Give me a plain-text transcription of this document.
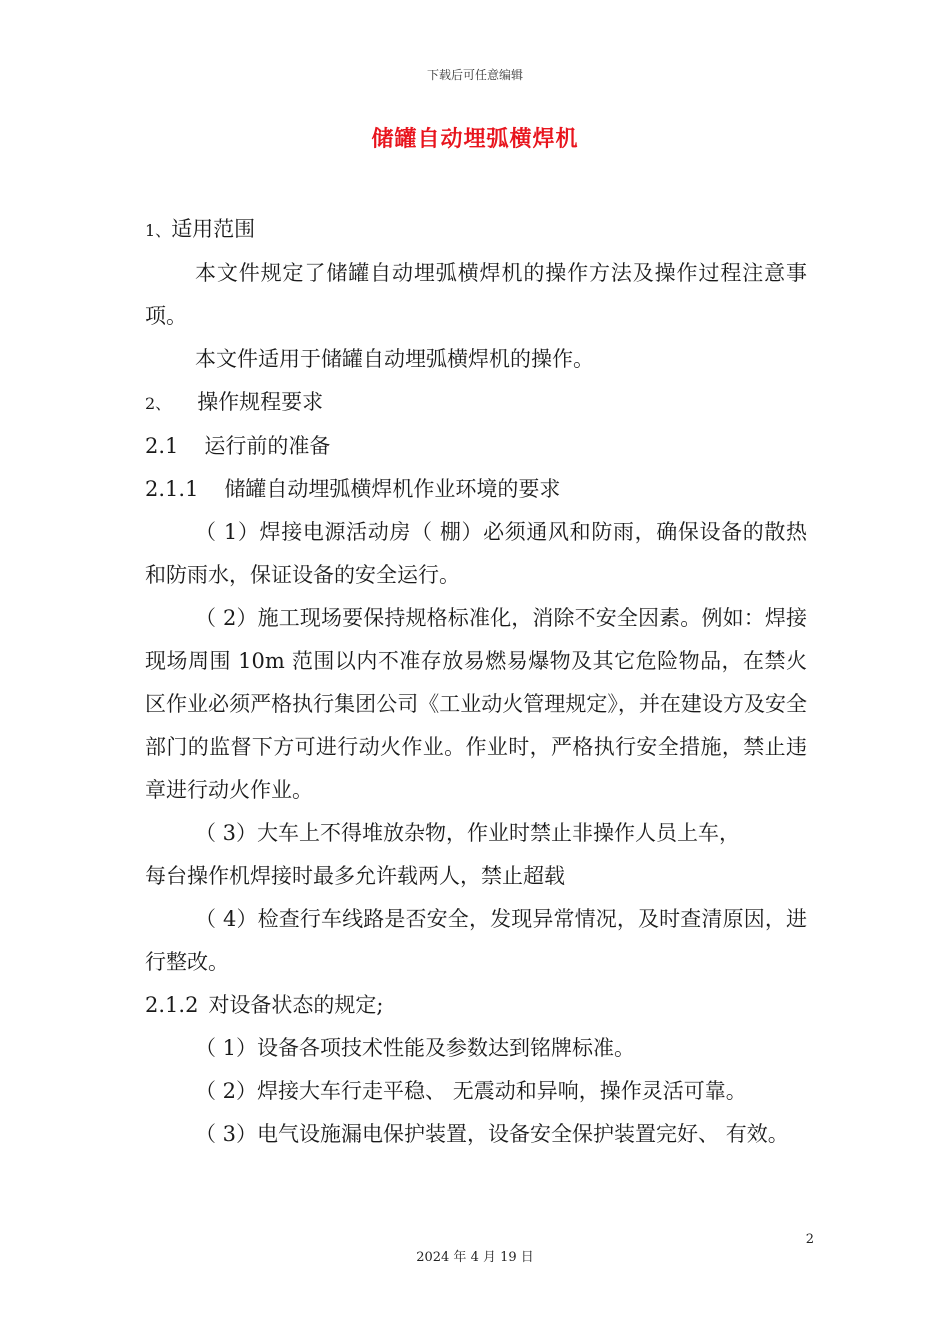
下载后可任意编辑
储罐自动埋弧横焊机

1、适用范围

本文件规定了储罐自动埋弧横焊机的操作方法及操作过程注意事项。

本文件适用于储罐自动埋弧横焊机的操作。

2、 操作规程要求

2.1 运行前的准备

2.1.1 储罐自动埋弧横焊机作业环境的要求

（ 1）焊接电源活动房（ 棚）必须通风和防雨，确保设备的散热和防雨水，保证设备的安全运行。

（ 2）施工现场要保持规格标准化，消除不安全因素。例如：焊接现场周围 10m 范围以内不准存放易燃易爆物及其它危险物品，在禁火区作业必须严格执行集团公司《工业动火管理规定》，并在建设方及安全部门的监督下方可进行动火作业。作业时，严格执行安全措施，禁止违章进行动火作业。

（ 3）大车上不得堆放杂物，作业时禁止非操作人员上车，

每台操作机焊接时最多允许载两人，禁止超载

（ 4）检查行车线路是否安全，发现异常情况，及时查清原因，进行整改。

2.1.2 对设备状态的规定;

（ 1）设备各项技术性能及参数达到铭牌标准。

（ 2）焊接大车行走平稳、 无震动和异响，操作灵活可靠。

（ 3）电气设施漏电保护装置，设备安全保护装置完好、 有效。

2
2024 年 4 月 19 日
